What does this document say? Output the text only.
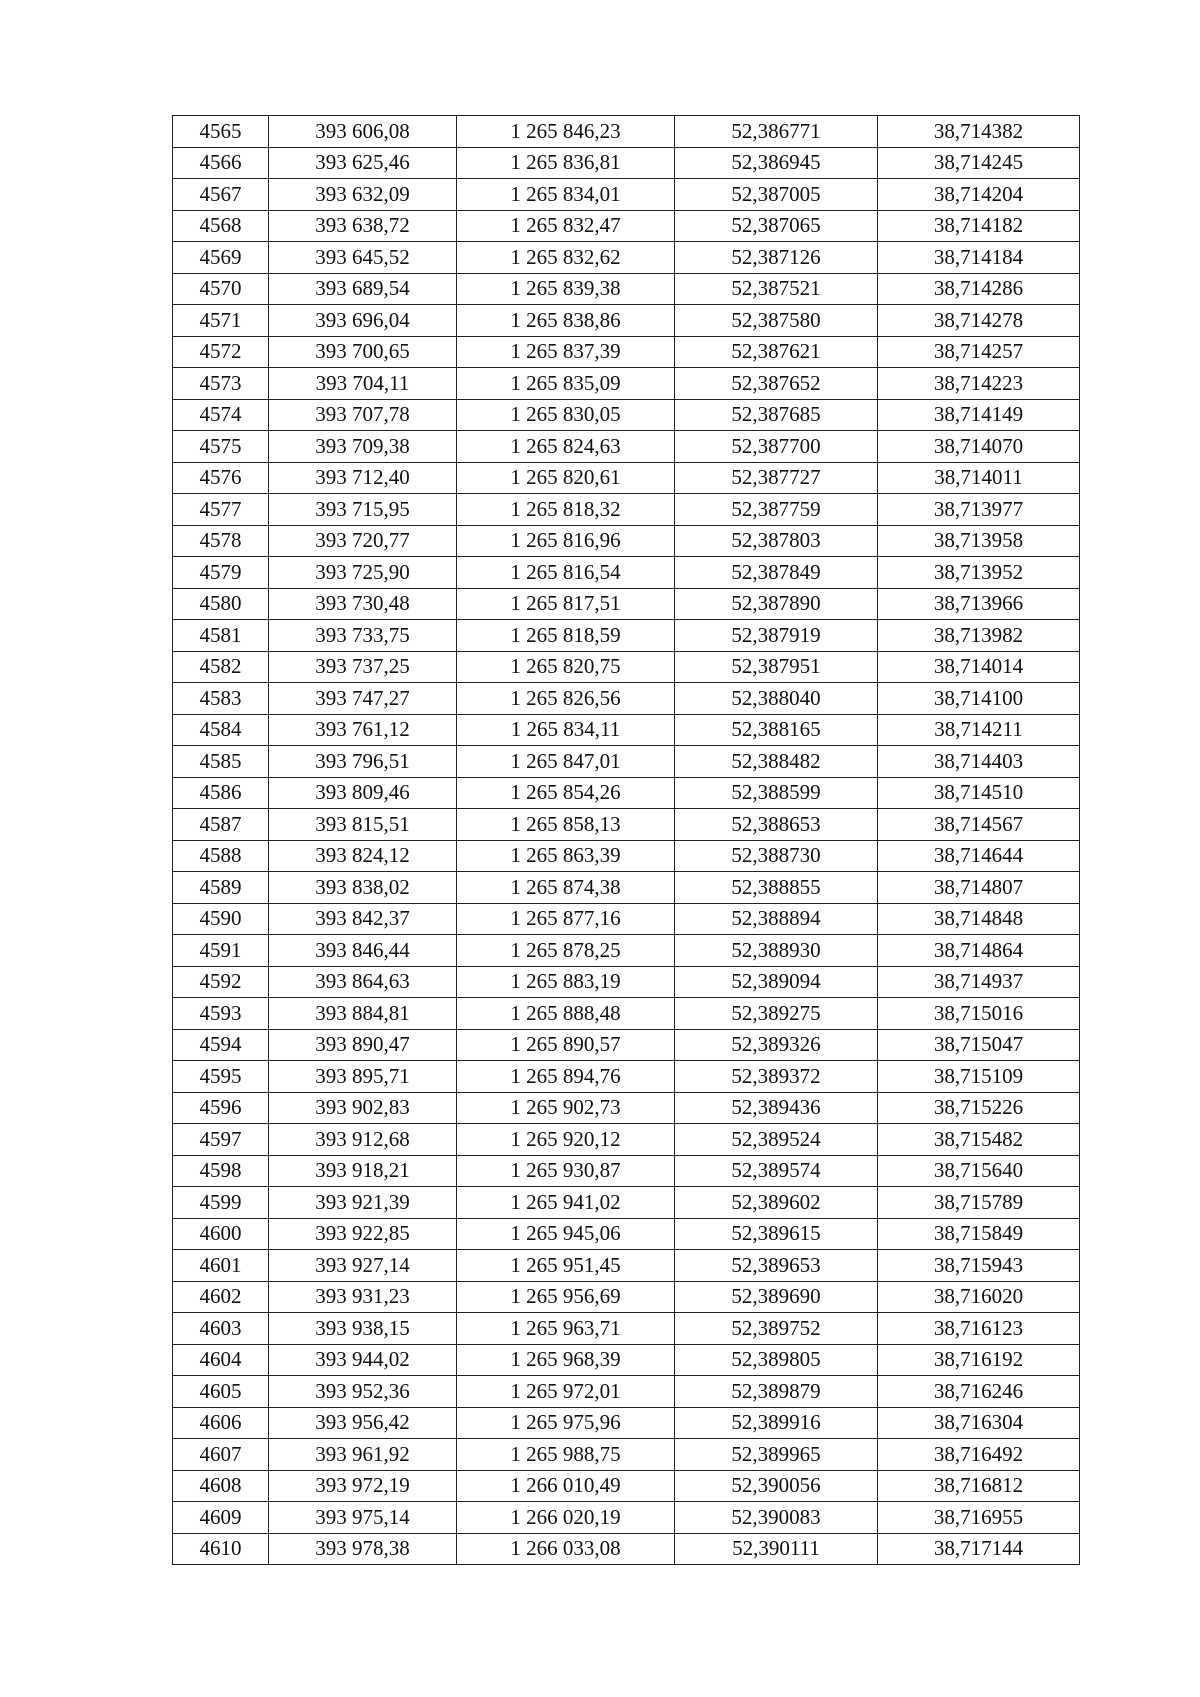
4565	393 606,08	1 265 846,23	52,386771	38,714382
4566	393 625,46	1 265 836,81	52,386945	38,714245
4567	393 632,09	1 265 834,01	52,387005	38,714204
4568	393 638,72	1 265 832,47	52,387065	38,714182
4569	393 645,52	1 265 832,62	52,387126	38,714184
4570	393 689,54	1 265 839,38	52,387521	38,714286
4571	393 696,04	1 265 838,86	52,387580	38,714278
4572	393 700,65	1 265 837,39	52,387621	38,714257
4573	393 704,11	1 265 835,09	52,387652	38,714223
4574	393 707,78	1 265 830,05	52,387685	38,714149
4575	393 709,38	1 265 824,63	52,387700	38,714070
4576	393 712,40	1 265 820,61	52,387727	38,714011
4577	393 715,95	1 265 818,32	52,387759	38,713977
4578	393 720,77	1 265 816,96	52,387803	38,713958
4579	393 725,90	1 265 816,54	52,387849	38,713952
4580	393 730,48	1 265 817,51	52,387890	38,713966
4581	393 733,75	1 265 818,59	52,387919	38,713982
4582	393 737,25	1 265 820,75	52,387951	38,714014
4583	393 747,27	1 265 826,56	52,388040	38,714100
4584	393 761,12	1 265 834,11	52,388165	38,714211
4585	393 796,51	1 265 847,01	52,388482	38,714403
4586	393 809,46	1 265 854,26	52,388599	38,714510
4587	393 815,51	1 265 858,13	52,388653	38,714567
4588	393 824,12	1 265 863,39	52,388730	38,714644
4589	393 838,02	1 265 874,38	52,388855	38,714807
4590	393 842,37	1 265 877,16	52,388894	38,714848
4591	393 846,44	1 265 878,25	52,388930	38,714864
4592	393 864,63	1 265 883,19	52,389094	38,714937
4593	393 884,81	1 265 888,48	52,389275	38,715016
4594	393 890,47	1 265 890,57	52,389326	38,715047
4595	393 895,71	1 265 894,76	52,389372	38,715109
4596	393 902,83	1 265 902,73	52,389436	38,715226
4597	393 912,68	1 265 920,12	52,389524	38,715482
4598	393 918,21	1 265 930,87	52,389574	38,715640
4599	393 921,39	1 265 941,02	52,389602	38,715789
4600	393 922,85	1 265 945,06	52,389615	38,715849
4601	393 927,14	1 265 951,45	52,389653	38,715943
4602	393 931,23	1 265 956,69	52,389690	38,716020
4603	393 938,15	1 265 963,71	52,389752	38,716123
4604	393 944,02	1 265 968,39	52,389805	38,716192
4605	393 952,36	1 265 972,01	52,389879	38,716246
4606	393 956,42	1 265 975,96	52,389916	38,716304
4607	393 961,92	1 265 988,75	52,389965	38,716492
4608	393 972,19	1 266 010,49	52,390056	38,716812
4609	393 975,14	1 266 020,19	52,390083	38,716955
4610	393 978,38	1 266 033,08	52,390111	38,717144
